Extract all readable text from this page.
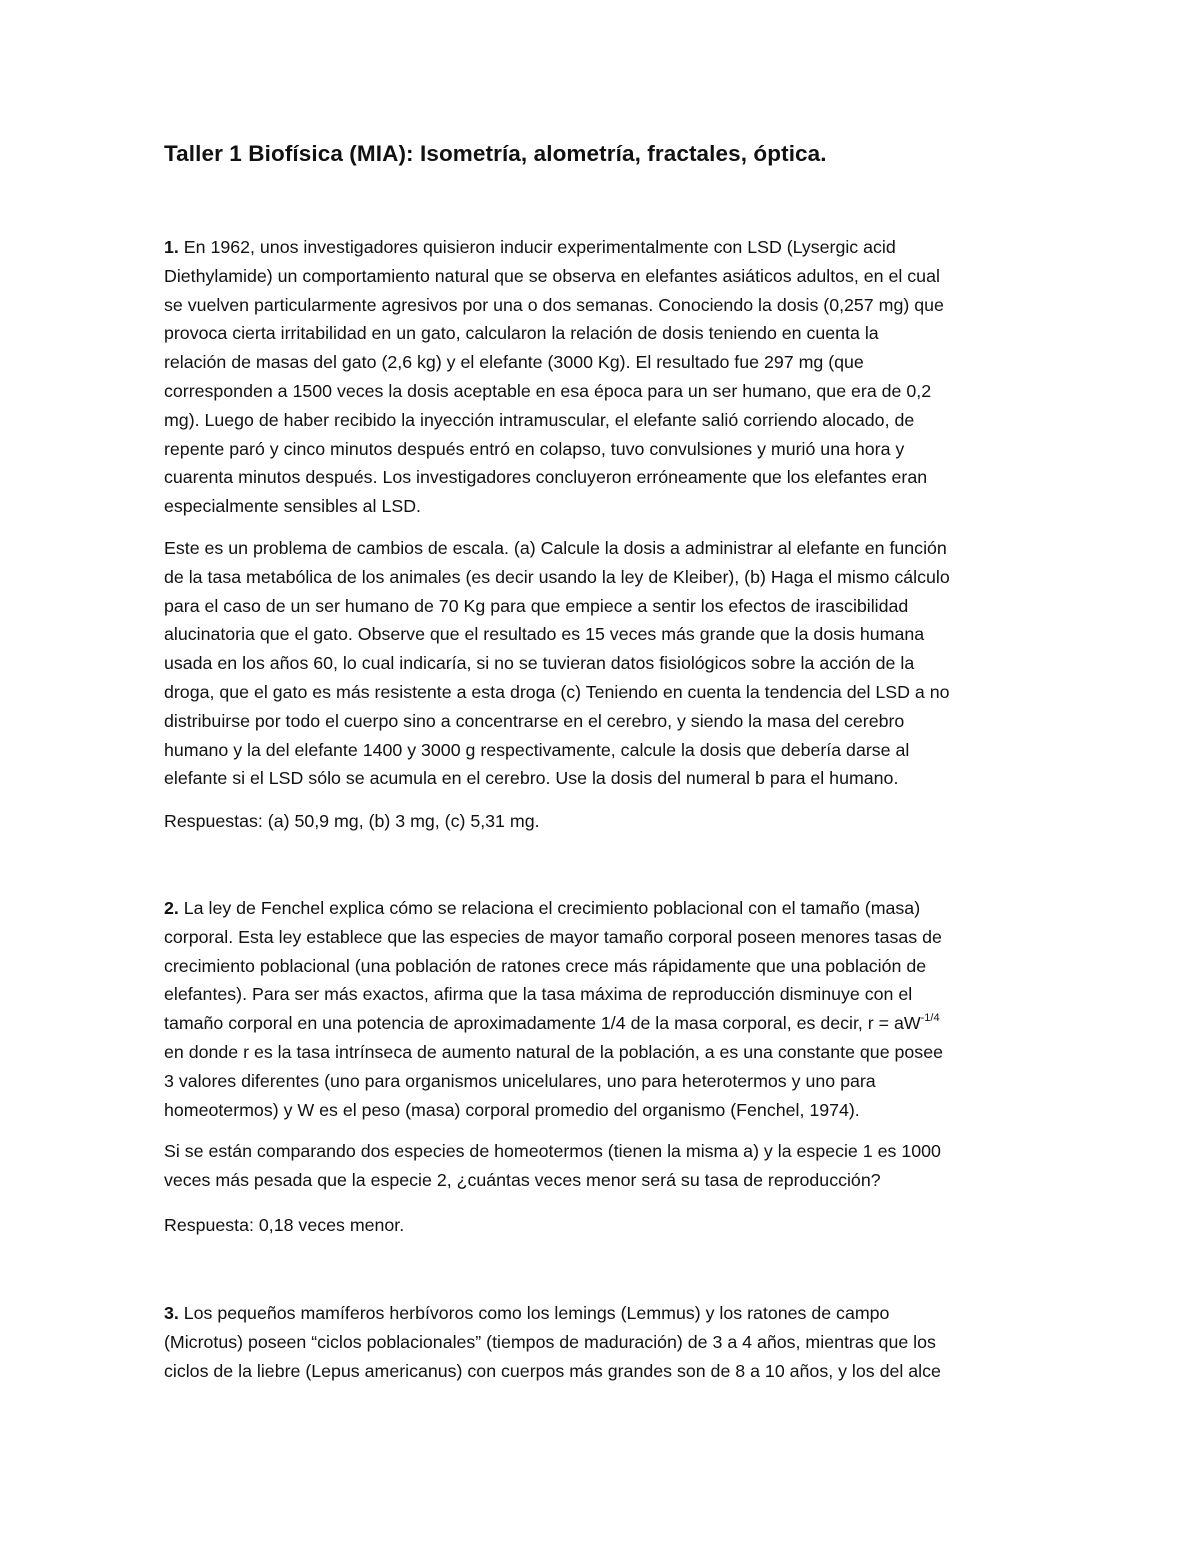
Taller 1 Biofísica (MIA): Isometría, alometría, fractales, óptica.
1. En 1962, unos investigadores quisieron inducir experimentalmente con LSD (Lysergic acid
Diethylamide) un comportamiento natural que se observa en elefantes asiáticos adultos, en el cual
se vuelven particularmente agresivos por una o dos semanas. Conociendo la dosis (0,257 mg) que
provoca cierta irritabilidad en un gato, calcularon la relación de dosis teniendo en cuenta la
relación de masas del gato (2,6 kg) y el elefante (3000 Kg). El resultado fue 297 mg (que
corresponden a 1500 veces la dosis aceptable en esa época para un ser humano, que era de 0,2
mg). Luego de haber recibido la inyección intramuscular, el elefante salió corriendo alocado, de
repente paró y cinco minutos después entró en colapso, tuvo convulsiones y murió una hora y
cuarenta minutos después. Los investigadores concluyeron erróneamente que los elefantes eran
especialmente sensibles al LSD.
Este es un problema de cambios de escala. (a) Calcule la dosis a administrar al elefante en función
de la tasa metabólica de los animales (es decir usando la ley de Kleiber), (b) Haga el mismo cálculo
para el caso de un ser humano de 70 Kg para que empiece a sentir los efectos de irascibilidad
alucinatoria que el gato. Observe que el resultado es 15 veces más grande que la dosis humana
usada en los años 60, lo cual indicaría, si no se tuvieran datos fisiológicos sobre la acción de la
droga, que el gato es más resistente a esta droga (c) Teniendo en cuenta la tendencia del LSD a no
distribuirse por todo el cuerpo sino a concentrarse en el cerebro, y siendo la masa del cerebro
humano y la del elefante 1400 y 3000 g respectivamente, calcule la dosis que debería darse al
elefante si el LSD sólo se acumula en el cerebro. Use la dosis del numeral b para el humano.
Respuestas: (a) 50,9 mg, (b) 3 mg, (c) 5,31 mg.
2. La ley de Fenchel explica cómo se relaciona el crecimiento poblacional con el tamaño (masa)
corporal. Esta ley establece que las especies de mayor tamaño corporal poseen menores tasas de
crecimiento poblacional (una población de ratones crece más rápidamente que una población de
elefantes). Para ser más exactos, afirma que la tasa máxima de reproducción disminuye con el
tamaño corporal en una potencia de aproximadamente 1/4 de la masa corporal, es decir, $r = aW^{-1/4}$
en donde r es la tasa intrínseca de aumento natural de la población, a es una constante que posee
3 valores diferentes (uno para organismos unicelulares, uno para heterotermos y uno para
homeotermos) y W es el peso (masa) corporal promedio del organismo (Fenchel, 1974).
Si se están comparando dos especies de homeotermos (tienen la misma a) y la especie 1 es 1000
veces más pesada que la especie 2, ¿cuántas veces menor será su tasa de reproducción?
Respuesta: 0,18 veces menor.
3. Los pequeños mamíferos herbívoros como los lemings (Lemmus) y los ratones de campo
(Microtus) poseen “ciclos poblacionales” (tiempos de maduración) de 3 a 4 años, mientras que los
ciclos de la liebre (Lepus americanus) con cuerpos más grandes son de 8 a 10 años, y los del alce
